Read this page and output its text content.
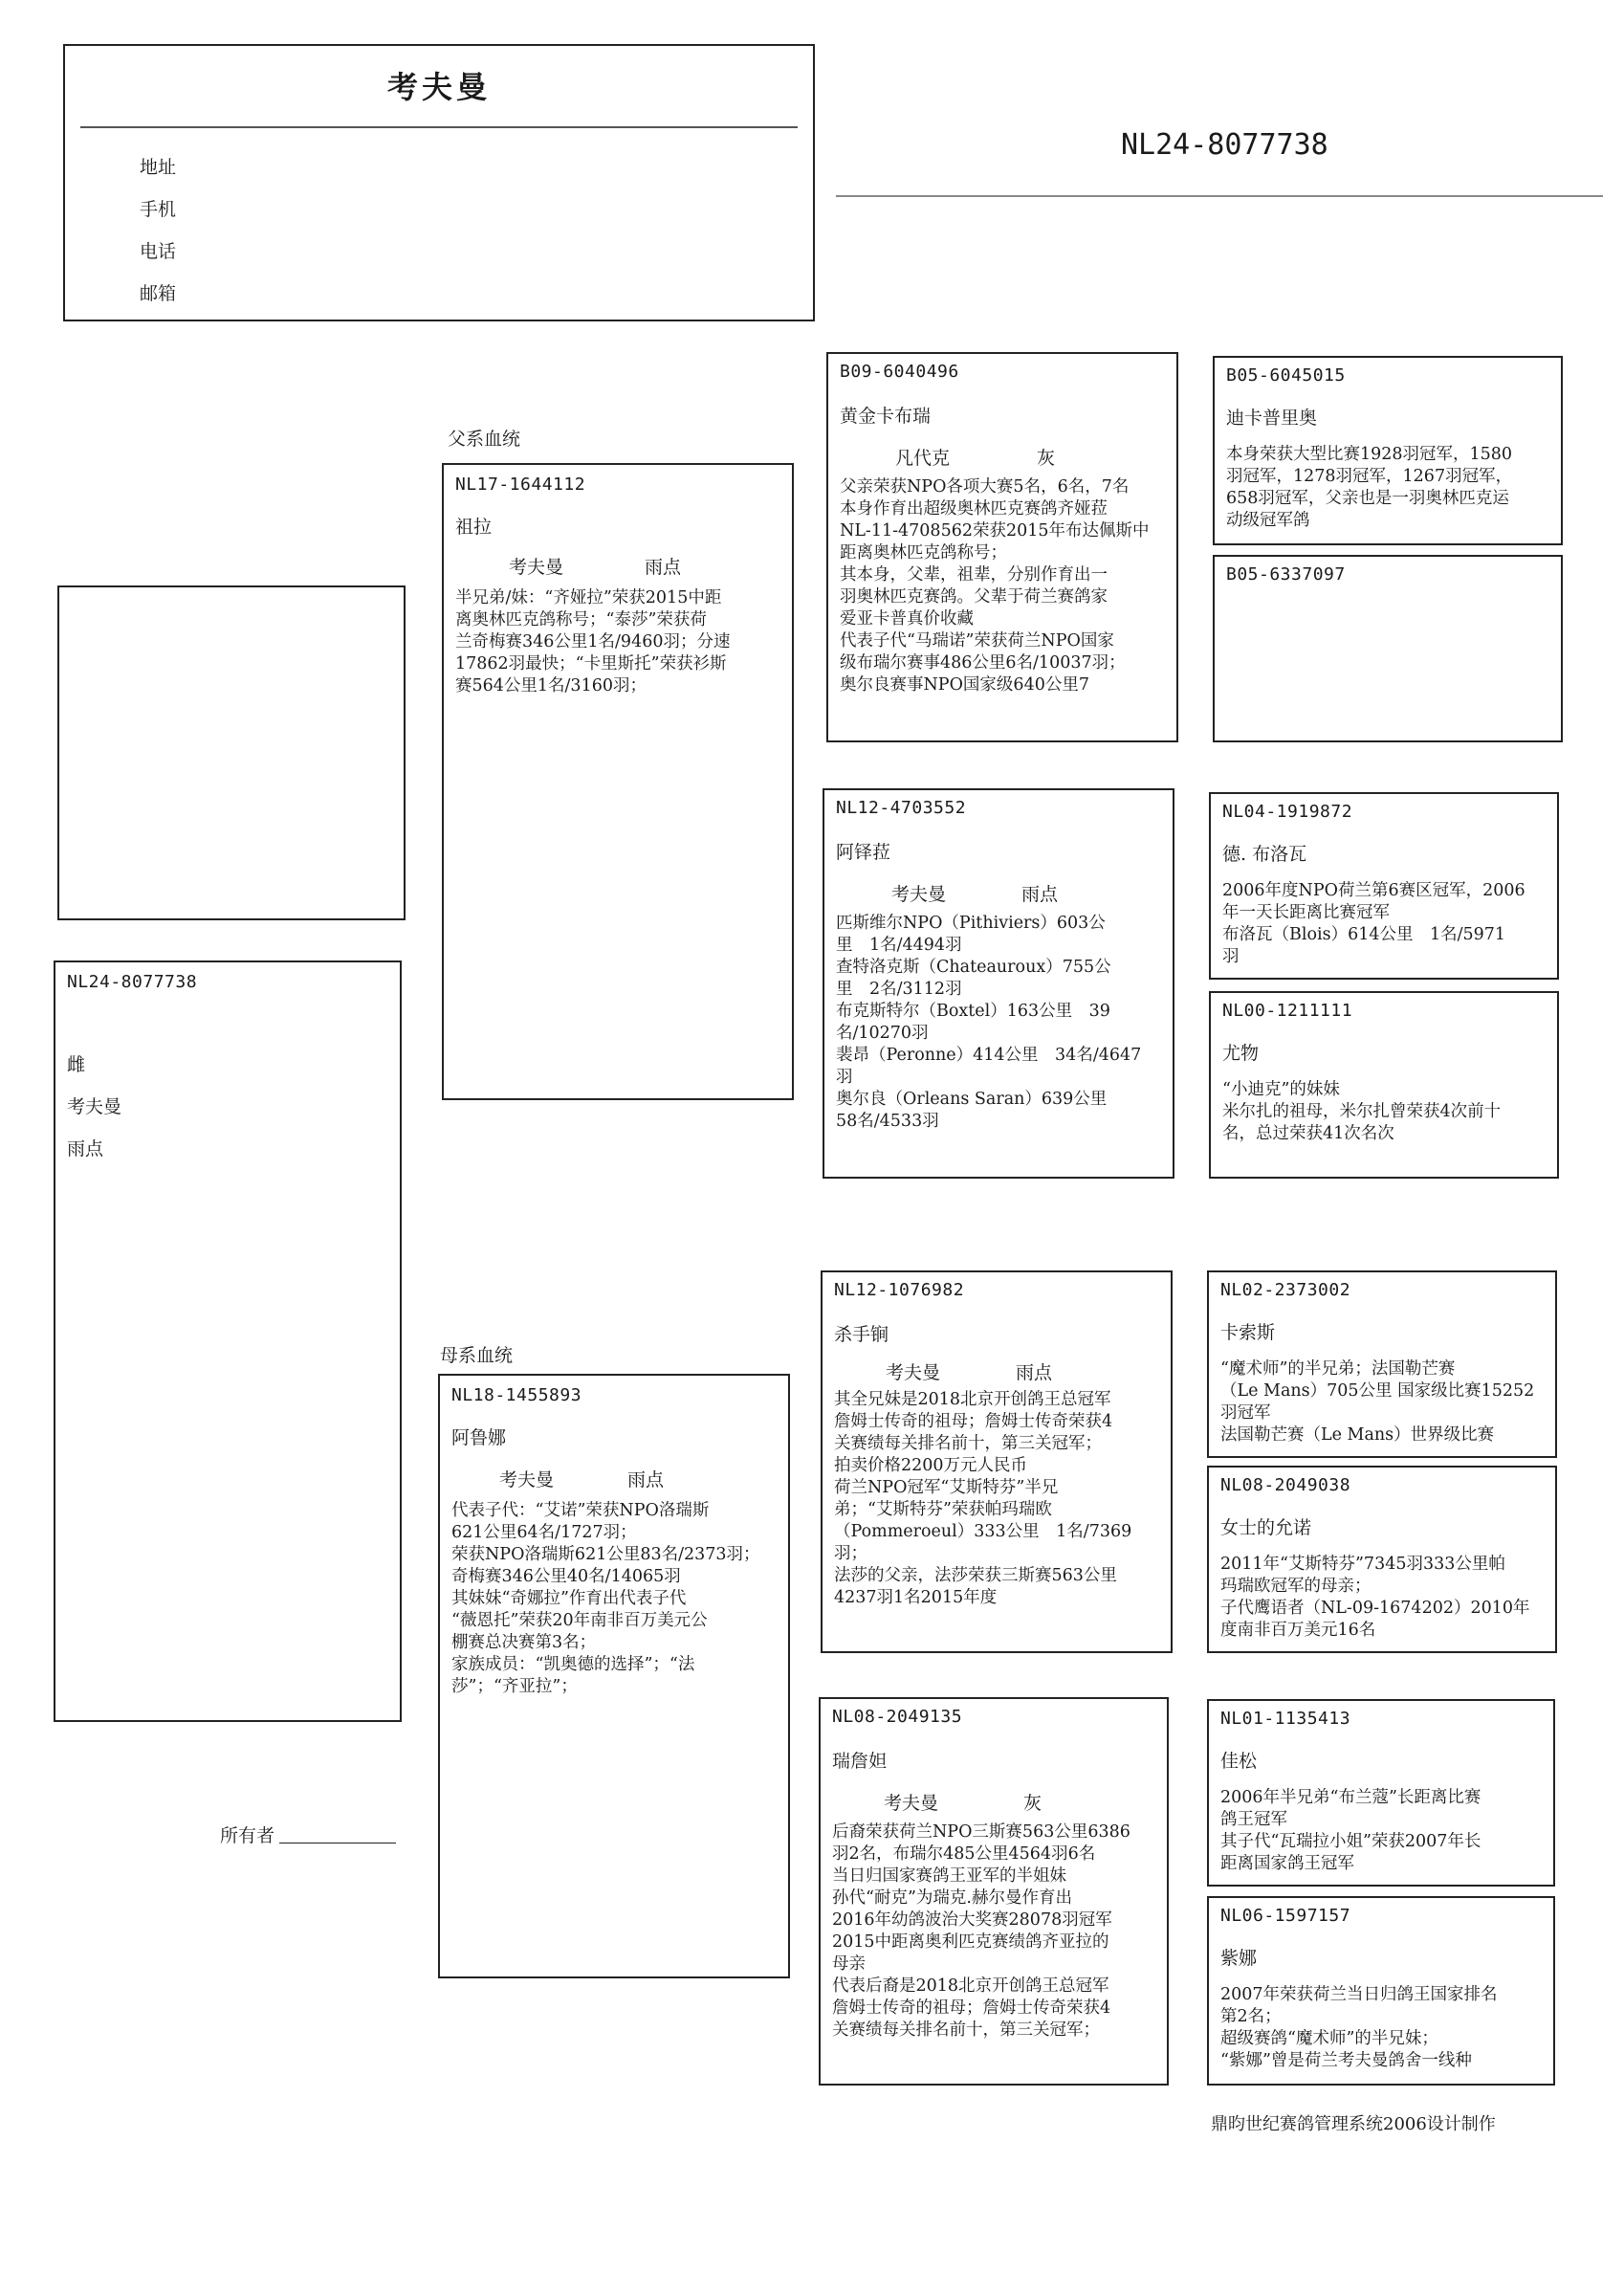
考夫曼
地址
手机
电话
邮箱
NL24-8077738
NL24-8077738
雌
考夫曼
雨点
父系血统
母系血统
NL17-1644112
祖拉
考夫曼	雨点
半兄弟/妹：“齐娅拉”荣获2015中距
离奥林匹克鸽称号；“泰莎”荣获荷
兰奇梅赛346公里1名/9460羽；分速
17862羽最快；“卡里斯托”荣获衫斯
赛564公里1名/3160羽；
NL18-1455893
阿鲁娜
考夫曼	雨点
代表子代：“艾诺”荣获NPO洛瑞斯
621公里64名/1727羽；
荣获NPO洛瑞斯621公里83名/2373羽；
奇梅赛346公里40名/14065羽
其妹妹“奇娜拉”作育出代表子代
“薇恩托”荣获20年南非百万美元公
棚赛总决赛第3名；
家族成员：“凯奥德的选择”；“法
莎”；“齐亚拉”；
B09-6040496
黄金卡布瑞
凡代克	灰
父亲荣获NPO各项大赛5名，6名，7名
本身作育出超级奥林匹克赛鸽齐娅菈
NL-11-4708562荣获2015年布达佩斯中
距离奥林匹克鸽称号；
其本身，父辈，祖辈，分别作育出一
羽奥林匹克赛鸽。父辈于荷兰赛鸽家
爱亚卡普真价收藏
代表子代“马瑞诺”荣获荷兰NPO国家
级布瑞尔赛事486公里6名/10037羽；
奥尔良赛事NPO国家级640公里7
NL12-4703552
阿铎菈
考夫曼	雨点
匹斯维尔NPO（Pithiviers）603公
里　1名/4494羽
查特洛克斯（Chateauroux）755公
里　2名/3112羽
布克斯特尔（Boxtel）163公里　39
名/10270羽
裴昂（Peronne）414公里　34名/4647
羽
奥尔良（Orleans Saran）639公里
58名/4533羽
NL12-1076982
杀手锏
考夫曼	雨点
其全兄妹是2018北京开创鸽王总冠军
詹姆士传奇的祖母；詹姆士传奇荣获4
关赛绩每关排名前十，第三关冠军；
拍卖价格2200万元人民币
荷兰NPO冠军“艾斯特芬”半兄
弟；“艾斯特芬”荣获帕玛瑞欧
（Pommeroeul）333公里　1名/7369
羽；
法莎的父亲，法莎荣获三斯赛563公里
4237羽1名2015年度
NL08-2049135
瑞詹妲
考夫曼	灰
后裔荣获荷兰NPO三斯赛563公里6386
羽2名，布瑞尔485公里4564羽6名
当日归国家赛鸽王亚军的半姐妹
孙代“耐克”为瑞克.赫尔曼作育出
2016年幼鸽波治大奖赛28078羽冠军
2015中距离奥利匹克赛绩鸽齐亚拉的
母亲
代表后裔是2018北京开创鸽王总冠军
詹姆士传奇的祖母；詹姆士传奇荣获4
关赛绩每关排名前十，第三关冠军；
B05-6045015
迪卡普里奥
本身荣获大型比赛1928羽冠军，1580
羽冠军，1278羽冠军，1267羽冠军，
658羽冠军，父亲也是一羽奥林匹克运
动级冠军鸽
B05-6337097
NL04-1919872
德. 布洛瓦
2006年度NPO荷兰第6赛区冠军，2006
年一天长距离比赛冠军
布洛瓦（Blois）614公里　1名/5971
羽
NL00-1211111
尤物
“小迪克”的妹妹
米尔扎的祖母，米尔扎曾荣获4次前十
名，总过荣获41次名次
NL02-2373002
卡索斯
“魔术师”的半兄弟；法国勒芒赛
（Le Mans）705公里 国家级比赛15252
羽冠军
法国勒芒赛（Le Mans）世界级比赛
NL08-2049038
女士的允诺
2011年“艾斯特芬”7345羽333公里帕
玛瑞欧冠军的母亲；
子代鹰语者（NL-09-1674202）2010年
度南非百万美元16名
NL01-1135413
佳松
2006年半兄弟“布兰蔻”长距离比赛
鸽王冠军
其子代“瓦瑞拉小姐”荣获2007年长
距离国家鸽王冠军
NL06-1597157
紫娜
2007年荣获荷兰当日归鸽王国家排名
第2名；
超级赛鸽“魔术师”的半兄妹；
“紫娜”曾是荷兰考夫曼鸽舍一线种
所有者
鼎昀世纪赛鸽管理系统2006设计制作
